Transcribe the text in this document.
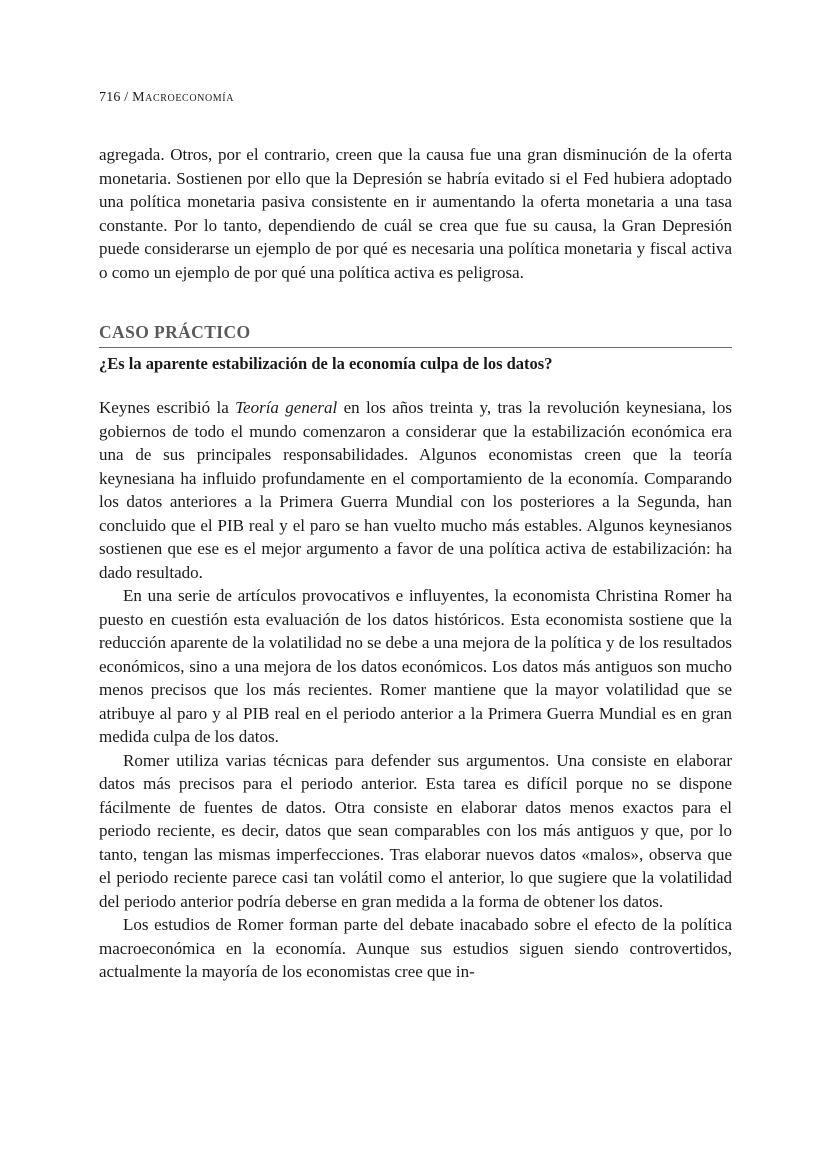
716 / Macroeconomía

agregada. Otros, por el contrario, creen que la causa fue una gran disminución de la oferta monetaria. Sostienen por ello que la Depresión se habría evitado si el Fed hubiera adoptado una política monetaria pasiva consistente en ir aumentando la oferta monetaria a una tasa constante. Por lo tanto, dependiendo de cuál se crea que fue su causa, la Gran Depresión puede considerarse un ejemplo de por qué es necesaria una política monetaria y fiscal activa o como un ejemplo de por qué una política activa es peligrosa.

CASO PRÁCTICO
¿Es la aparente estabilización de la economía culpa de los datos?

Keynes escribió la Teoría general en los años treinta y, tras la revolución keynesiana, los gobiernos de todo el mundo comenzaron a considerar que la estabilización económica era una de sus principales responsabilidades. Algunos economistas creen que la teoría keynesiana ha influido profundamente en el comportamiento de la economía. Comparando los datos anteriores a la Primera Guerra Mundial con los posteriores a la Segunda, han concluido que el PIB real y el paro se han vuelto mucho más estables. Algunos keynesianos sostienen que ese es el mejor argumento a favor de una política activa de estabilización: ha dado resultado.

En una serie de artículos provocativos e influyentes, la economista Christina Romer ha puesto en cuestión esta evaluación de los datos históricos. Esta economista sostiene que la reducción aparente de la volatilidad no se debe a una mejora de la política y de los resultados económicos, sino a una mejora de los datos económicos. Los datos más antiguos son mucho menos precisos que los más recientes. Romer mantiene que la mayor volatilidad que se atribuye al paro y al PIB real en el periodo anterior a la Primera Guerra Mundial es en gran medida culpa de los datos.

Romer utiliza varias técnicas para defender sus argumentos. Una consiste en elaborar datos más precisos para el periodo anterior. Esta tarea es difícil porque no se dispone fácilmente de fuentes de datos. Otra consiste en elaborar datos menos exactos para el periodo reciente, es decir, datos que sean comparables con los más antiguos y que, por lo tanto, tengan las mismas imperfecciones. Tras elaborar nuevos datos «malos», observa que el periodo reciente parece casi tan volátil como el anterior, lo que sugiere que la volatilidad del periodo anterior podría deberse en gran medida a la forma de obtener los datos.

Los estudios de Romer forman parte del debate inacabado sobre el efecto de la política macroeconómica en la economía. Aunque sus estudios siguen siendo controvertidos, actualmente la mayoría de los economistas cree que in-
